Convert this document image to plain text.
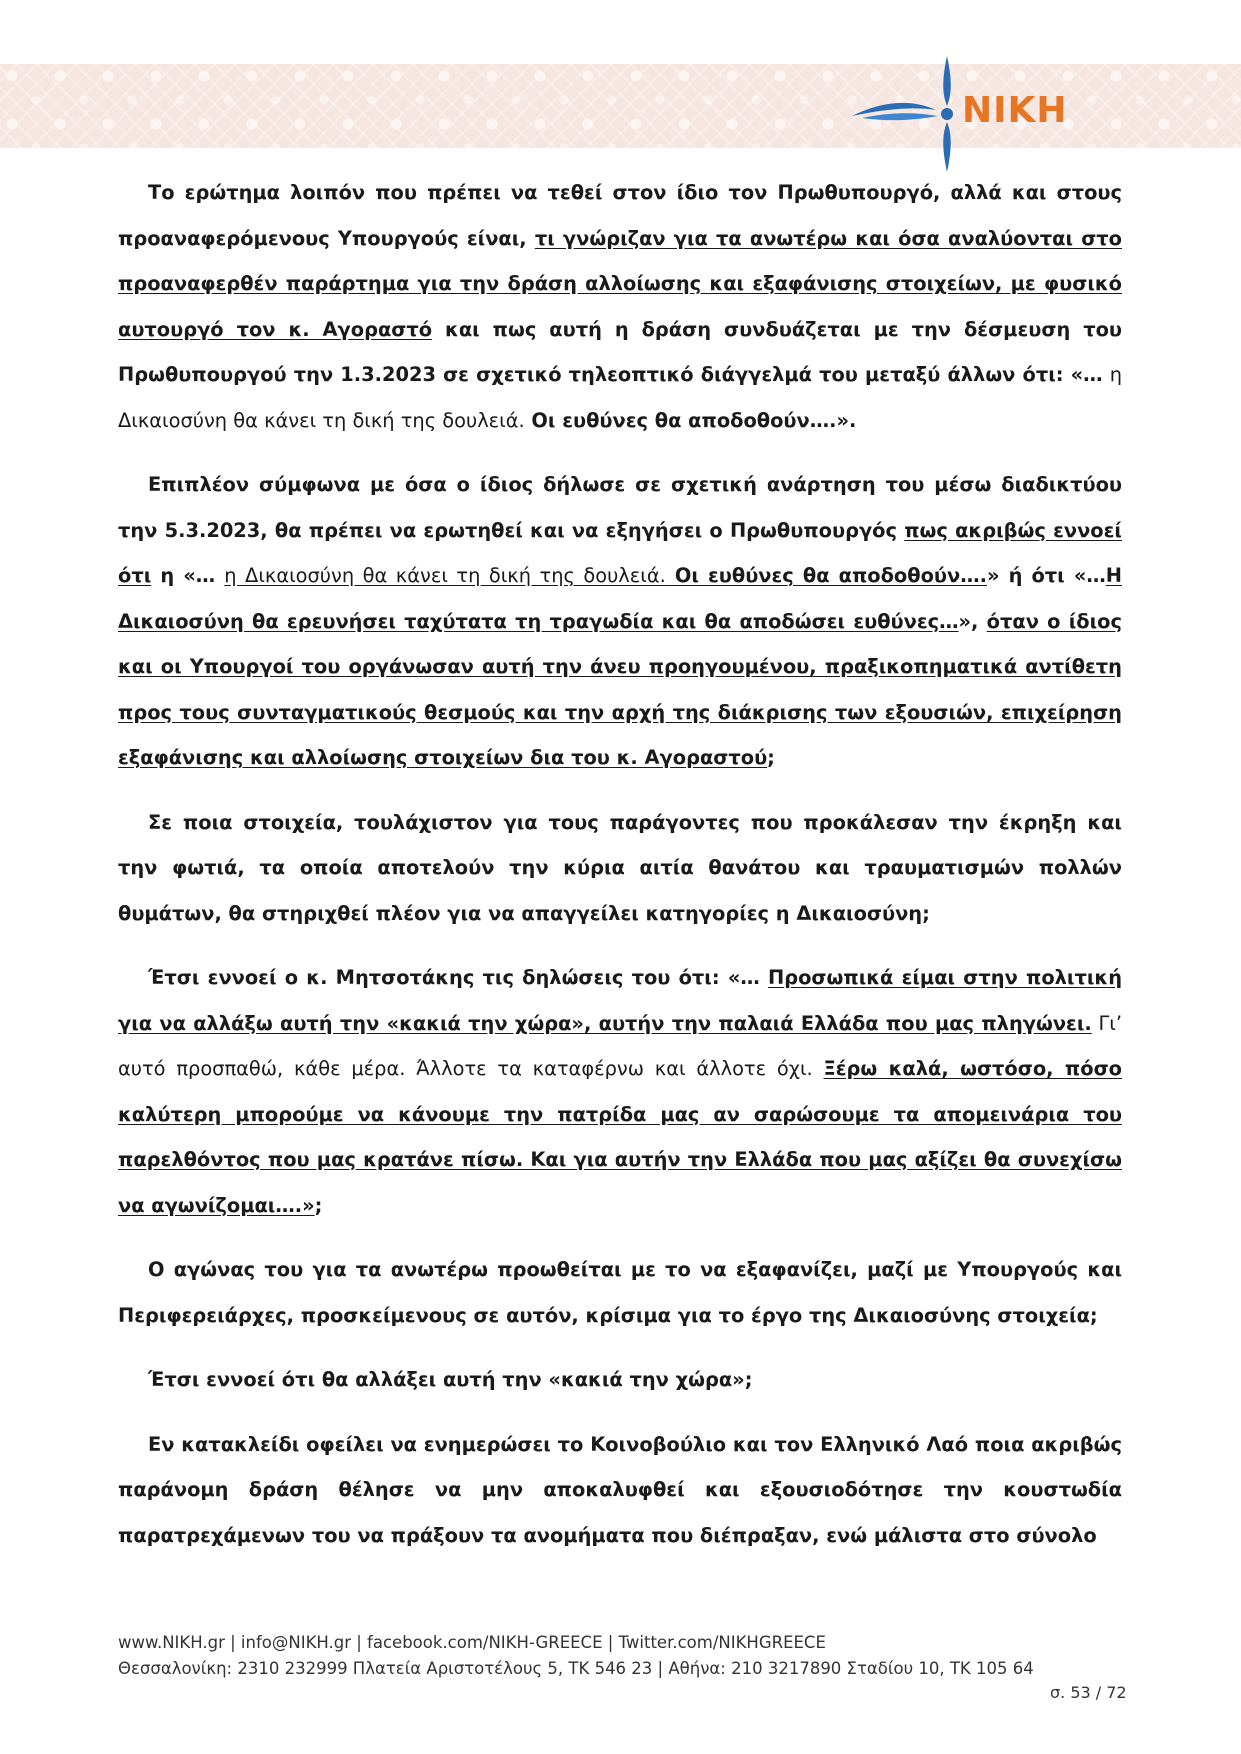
NIKH

Το ερώτημα λοιπόν που πρέπει να τεθεί στον ίδιο τον Πρωθυπουργό, αλλά και στους προαναφερόμενους Υπουργούς είναι, τι γνώριζαν για τα ανωτέρω και όσα αναλύονται στο προαναφερθέν παράρτημα για την δράση αλλοίωσης και εξαφάνισης στοιχείων, με φυσικό αυτουργό τον κ. Αγοραστό και πως αυτή η δράση συνδυάζεται με την δέσμευση του Πρωθυπουργού την 1.3.2023 σε σχετικό τηλεοπτικό διάγγελμά του μεταξύ άλλων ότι: «… η Δικαιοσύνη θα κάνει τη δική της δουλειά. Οι ευθύνες θα αποδοθούν….».

Επιπλέον σύμφωνα με όσα ο ίδιος δήλωσε σε σχετική ανάρτηση του μέσω διαδικτύου την 5.3.2023, θα πρέπει να ερωτηθεί και να εξηγήσει ο Πρωθυπουργός πως ακριβώς εννοεί ότι η «… η Δικαιοσύνη θα κάνει τη δική της δουλειά. Οι ευθύνες θα αποδοθούν….» ή ότι «…Η Δικαιοσύνη θα ερευνήσει ταχύτατα τη τραγωδία και θα αποδώσει ευθύνες…», όταν ο ίδιος και οι Υπουργοί του οργάνωσαν αυτή την άνευ προηγουμένου, πραξικοπηματικά αντίθετη προς τους συνταγματικούς θεσμούς και την αρχή της διάκρισης των εξουσιών, επιχείρηση εξαφάνισης και αλλοίωσης στοιχείων δια του κ. Αγοραστού;

Σε ποια στοιχεία, τουλάχιστον για τους παράγοντες που προκάλεσαν την έκρηξη και την φωτιά, τα οποία αποτελούν την κύρια αιτία θανάτου και τραυματισμών πολλών θυμάτων, θα στηριχθεί πλέον για να απαγγείλει κατηγορίες η Δικαιοσύνη;

Έτσι εννοεί ο κ. Μητσοτάκης τις δηλώσεις του ότι: «… Προσωπικά είμαι στην πολιτική για να αλλάξω αυτή την «κακιά την χώρα», αυτήν την παλαιά Ελλάδα που μας πληγώνει. Γι’ αυτό προσπαθώ, κάθε μέρα. Άλλοτε τα καταφέρνω και άλλοτε όχι. Ξέρω καλά, ωστόσο, πόσο καλύτερη μπορούμε να κάνουμε την πατρίδα μας αν σαρώσουμε τα απομεινάρια του παρελθόντος που μας κρατάνε πίσω. Και για αυτήν την Ελλάδα που μας αξίζει θα συνεχίσω να αγωνίζομαι….»;

Ο αγώνας του για τα ανωτέρω προωθείται με το να εξαφανίζει, μαζί με Υπουργούς και Περιφερειάρχες, προσκείμενους σε αυτόν, κρίσιμα για το έργο της Δικαιοσύνης στοιχεία;

Έτσι εννοεί ότι θα αλλάξει αυτή την «κακιά την χώρα»;

Εν κατακλείδι οφείλει να ενημερώσει το Κοινοβούλιο και τον Ελληνικό Λαό ποια ακριβώς παράνομη δράση θέλησε να μην αποκαλυφθεί και εξουσιοδότησε την κουστωδία παρατρεχάμενων του να πράξουν τα ανομήματα που διέπραξαν, ενώ μάλιστα στο σύνολο

www.NIKH.gr | info@NIKH.gr | facebook.com/NIKH-GREECE | Twitter.com/NIKHGREECE
Θεσσαλονίκη: 2310 232999 Πλατεία Αριστοτέλους 5, ΤΚ 546 23 | Αθήνα: 210 3217890 Σταδίου 10, ΤΚ 105 64
σ. 53 / 72
